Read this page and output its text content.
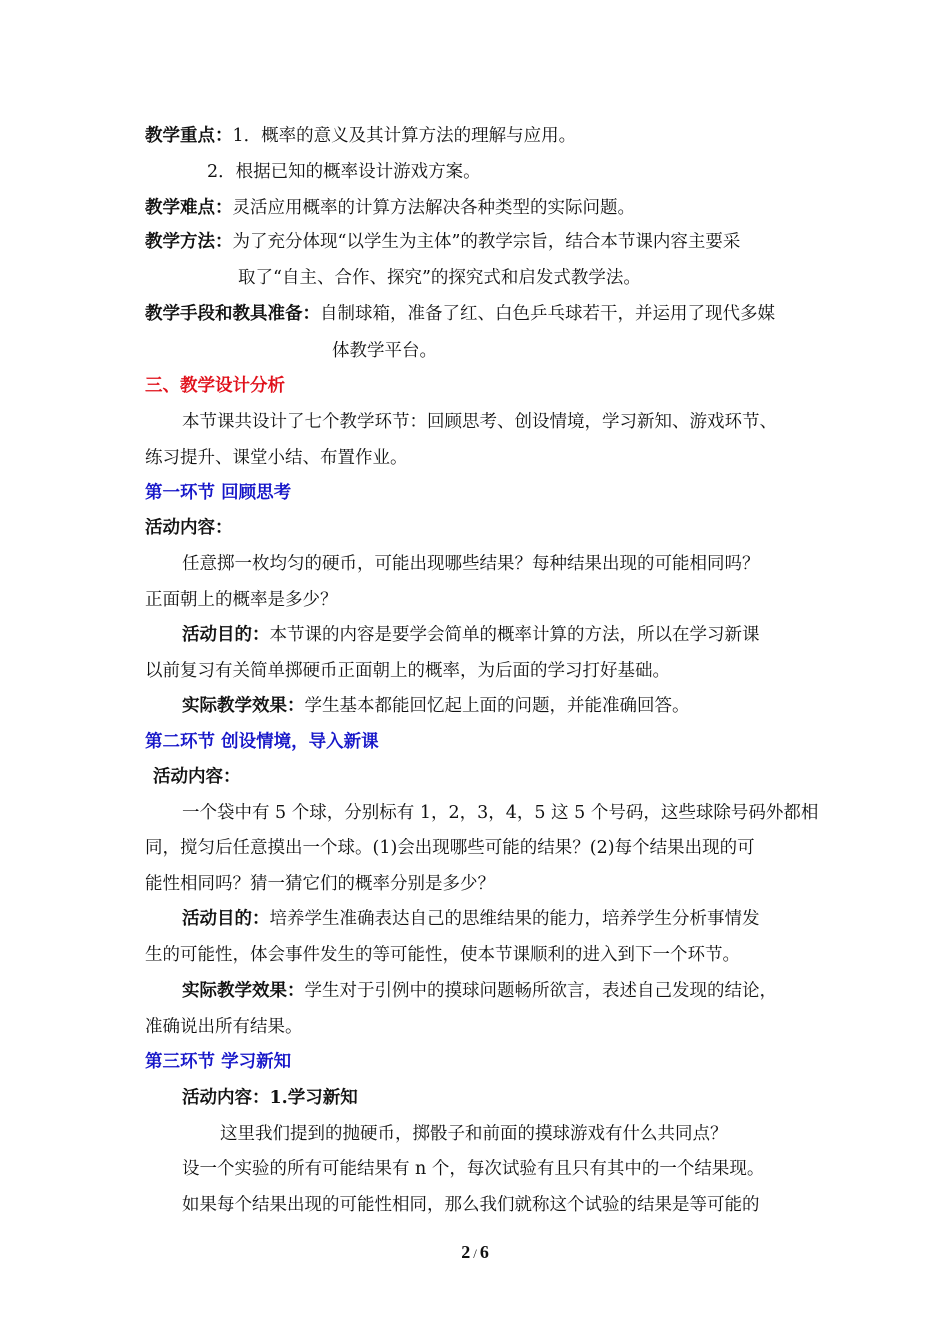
教学重点：1．概率的意义及其计算方法的理解与应用。
2．根据已知的概率设计游戏方案。
教学难点：灵活应用概率的计算方法解决各种类型的实际问题。
教学方法：为了充分体现“以学生为主体”的教学宗旨，结合本节课内容主要采
取了“自主、合作、探究”的探究式和启发式教学法。
教学手段和教具准备：自制球箱，准备了红、白色乒乓球若干，并运用了现代多媒
体教学平台。
三、教学设计分析
本节课共设计了七个教学环节：回顾思考、创设情境，学习新知、游戏环节、
练习提升、课堂小结、布置作业。
第一环节 回顾思考
活动内容：
任意掷一枚均匀的硬币，可能出现哪些结果？每种结果出现的可能相同吗？
正面朝上的概率是多少？
活动目的：本节课的内容是要学会简单的概率计算的方法，所以在学习新课
以前复习有关简单掷硬币正面朝上的概率，为后面的学习打好基础。
实际教学效果：学生基本都能回忆起上面的问题，并能准确回答。
第二环节 创设情境，导入新课
活动内容：
一个袋中有 5 个球，分别标有 1，2，3，4，5 这 5 个号码，这些球除号码外都相
同，搅匀后任意摸出一个球。(1)会出现哪些可能的结果？(2)每个结果出现的可
能性相同吗？猜一猜它们的概率分别是多少？
活动目的：培养学生准确表达自己的思维结果的能力，培养学生分析事情发
生的可能性，体会事件发生的等可能性，使本节课顺利的进入到下一个环节。
实际教学效果：学生对于引例中的摸球问题畅所欲言，表述自己发现的结论，
准确说出所有结果。
第三环节 学习新知
活动内容：1.学习新知
这里我们提到的抛硬币，掷骰子和前面的摸球游戏有什么共同点？
设一个实验的所有可能结果有 n 个，每次试验有且只有其中的一个结果现。
如果每个结果出现的可能性相同，那么我们就称这个试验的结果是等可能的
2 / 6
